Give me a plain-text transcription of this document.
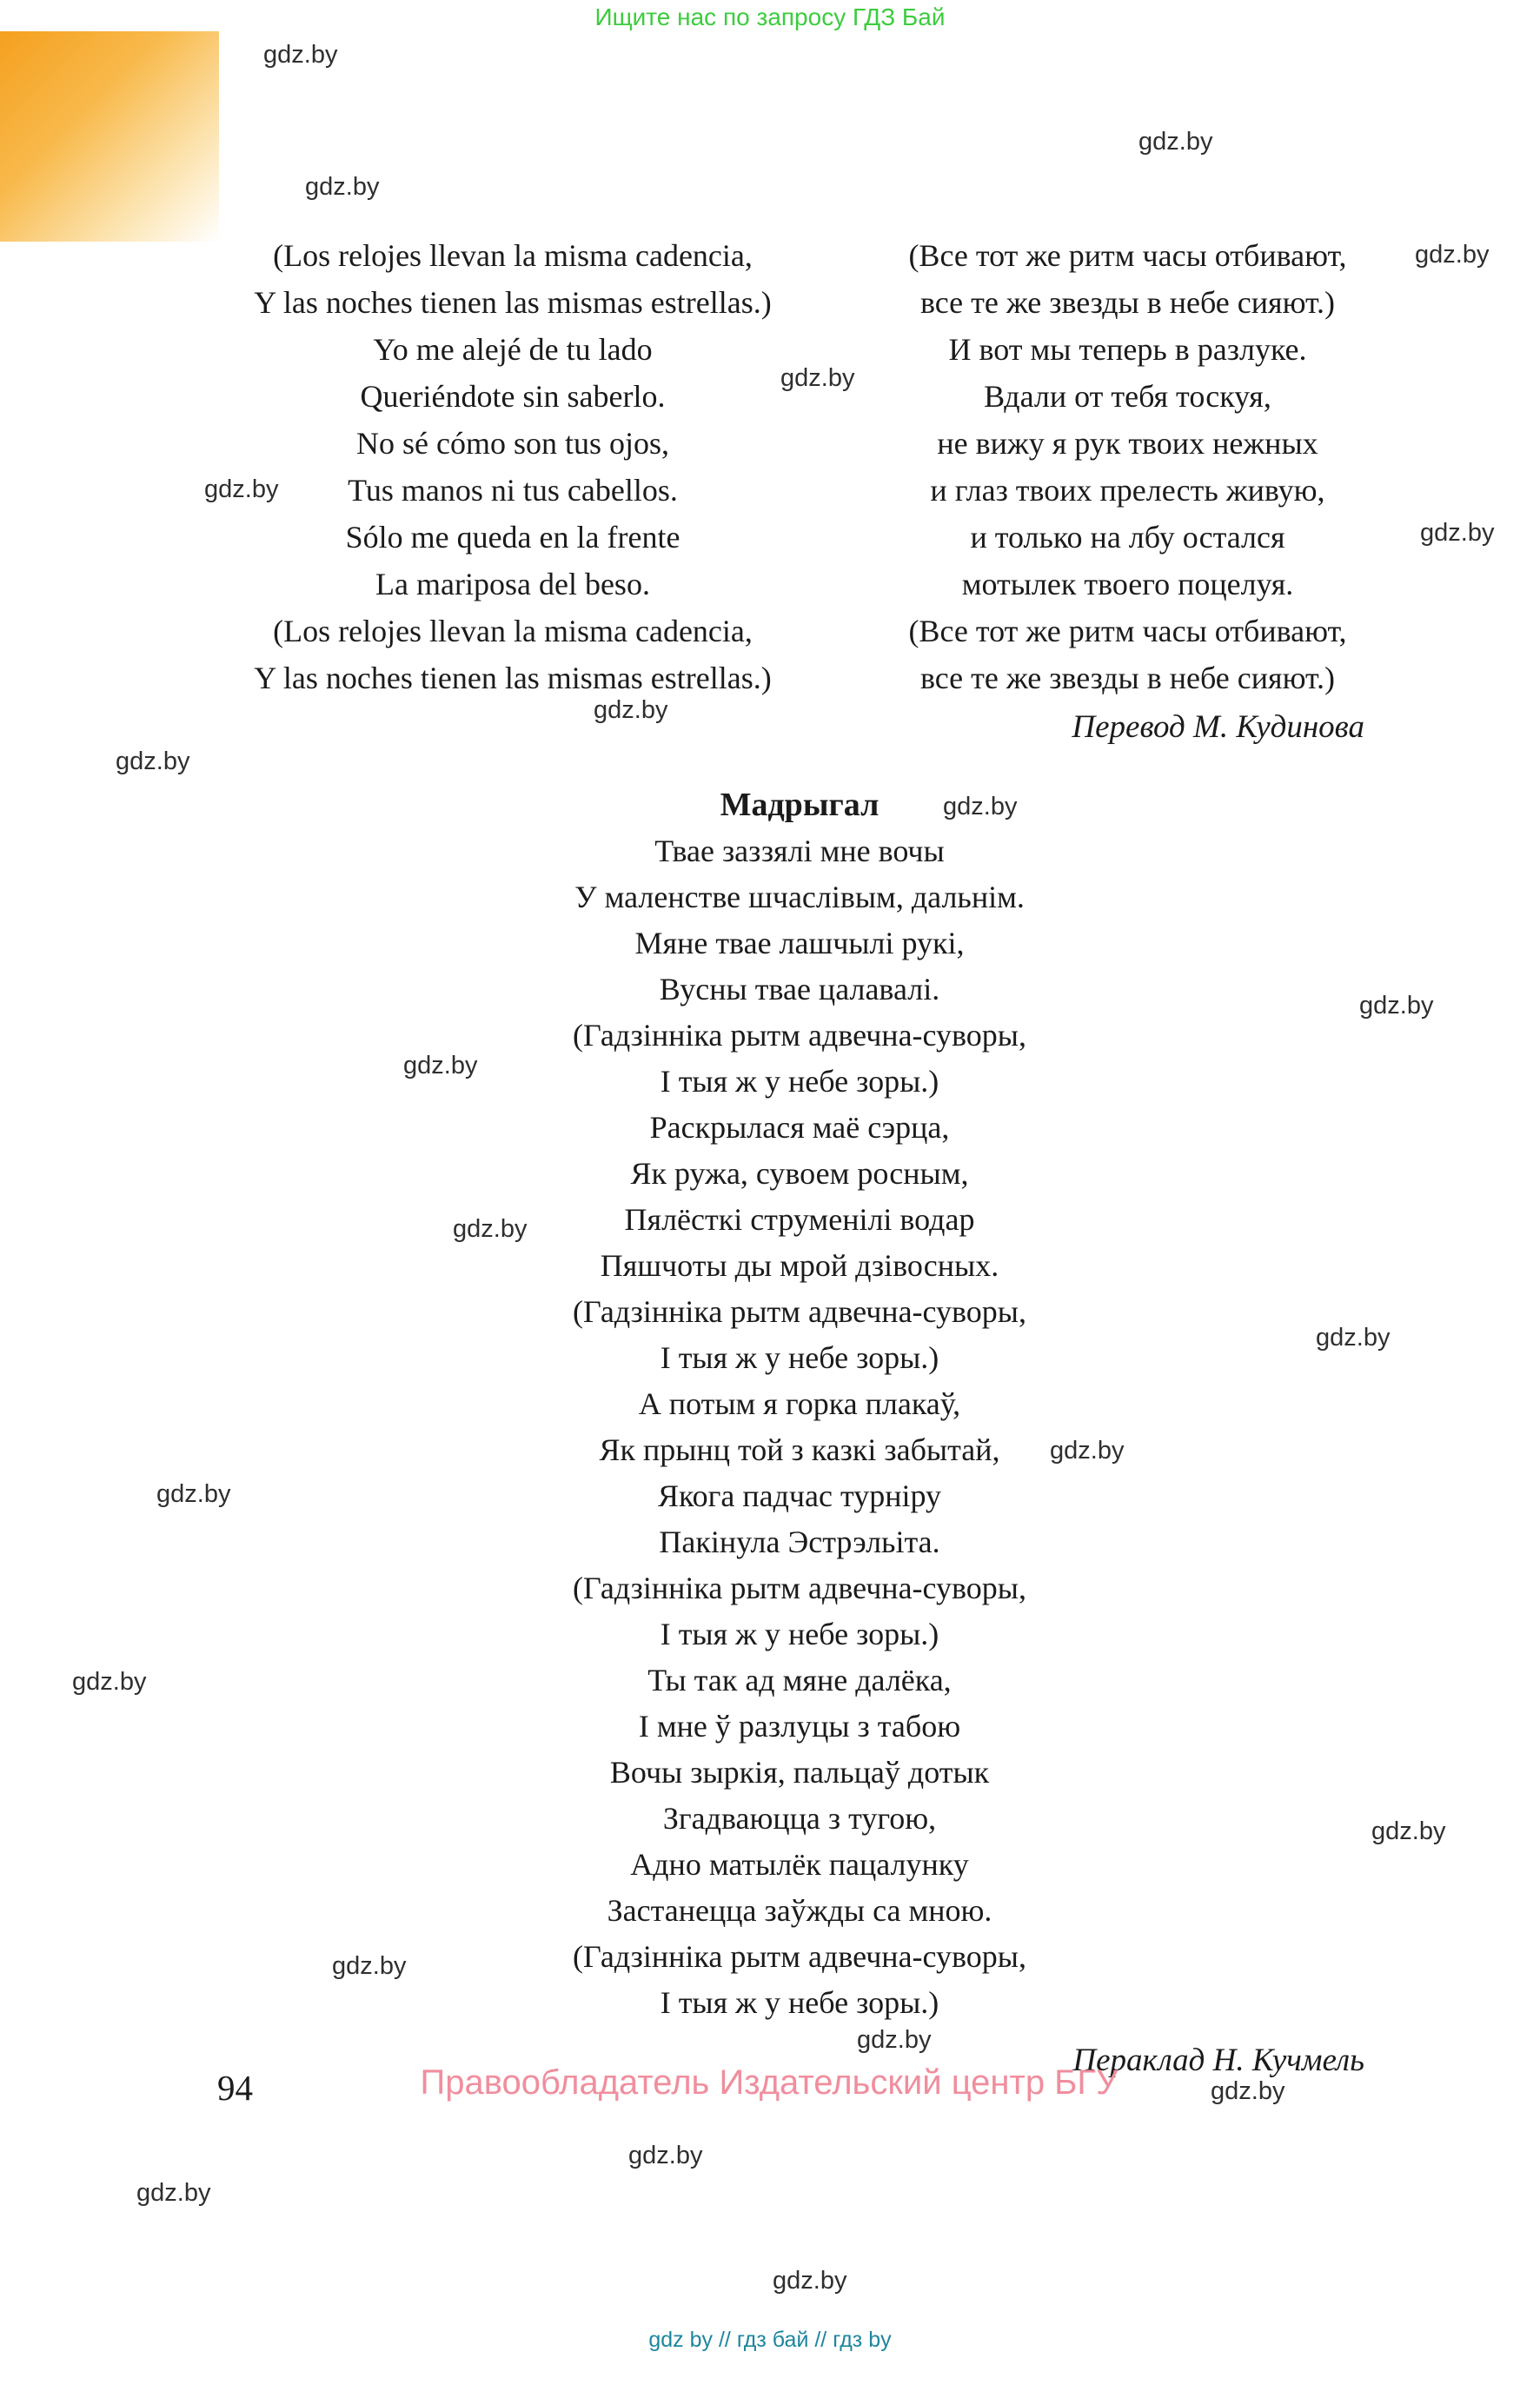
Ищите нас по запросу ГДЗ Бай
gdz.by
gdz.by
gdz.by
gdz.by
gdz.by
gdz.by
gdz.by
gdz.by
gdz.by
gdz.by
gdz.by
gdz.by
gdz.by
gdz.by
gdz.by
gdz.by
gdz.by
gdz.by
gdz.by
gdz.by
gdz.by
gdz.by
gdz.by
gdz.by
(Los relojes llevan la misma cadencia,
Y las noches tienen las mismas estrellas.)
Yo me alejé de tu lado
Queriéndote sin saberlo.
No sé cómo son tus ojos,
Tus manos ni tus cabellos.
Sólo me queda en la frente
La mariposa del beso.
(Los relojes llevan la misma cadencia,
Y las noches tienen las mismas estrellas.)
(Все тот же ритм часы отбивают,
все те же звезды в небе сияют.)
И вот мы теперь в разлуке.
Вдали от тебя тоскуя,
не вижу я рук твоих нежных
и глаз твоих прелесть живую,
и только на лбу остался
мотылек твоего поцелуя.
(Все тот же ритм часы отбивают,
все те же звезды в небе сияют.)
Перевод М. Кудинова
Мадрыгал
Твае заззялі мне вочы
У маленстве шчаслівым, дальнім.
Мяне твае лашчылі рукі,
Вусны твае цалавалі.
(Гадзінніка рытм адвечна-суворы,
І тыя ж у небе зоры.)
Раскрылася маё сэрца,
Як ружа, сувоем росным,
Пялёсткі струменілі водар
Пяшчоты ды мрой дзівосных.
(Гадзінніка рытм адвечна-суворы,
І тыя ж у небе зоры.)
А потым я горка плакаў,
Як прынц той з казкі забытай,
Якога падчас турніру
Пакінула Эстрэльіта.
(Гадзінніка рытм адвечна-суворы,
І тыя ж у небе зоры.)
Ты так ад мяне далёка,
І мне ў разлуцы з табою
Вочы зыркія, пальцаў дотык
Згадваюцца з тугою,
Адно матылёк пацалунку
Застанецца заўжды са мною.
(Гадзінніка рытм адвечна-суворы,
І тыя ж у небе зоры.)
Пераклад Н. Кучмель
94	Правообладатель Издательский центр БГУ
gdz by // гдз бай // гдз by
